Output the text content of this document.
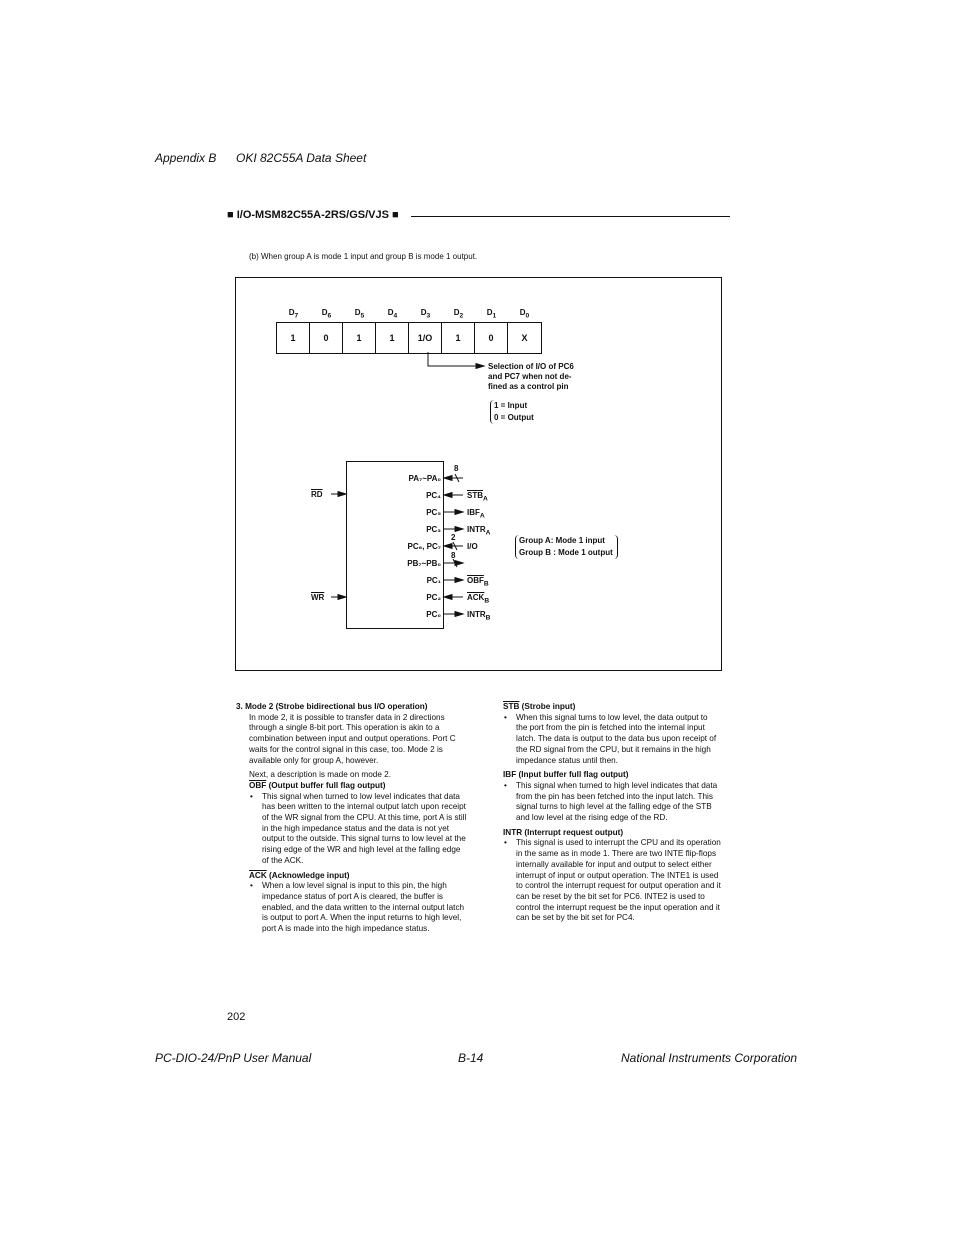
Appendix B OKI 82C55A Data Sheet
■ I/O-MSM82C55A-2RS/GS/VJS ■
(b) When group A is mode 1 input and group B is mode 1 output.
$D_7$	$D_6$	$D_5$	$D_4$	$D_3$	$D_2$	$D_1$	$D_0$
1	0	1	1	1/O	1	0	X
Selection of I/O of PC6
and PC7 when not de-
fined as a control pin
1 = Input
0 = Output
PA₇~PA₀
PC₄
PC₅
PC₃
PC₆, PC₇
PB₇~PB₀
PC₁
PC₂
PC₀
$\overline{STB}_A$
$IBF_A$
$INTR_A$
I/O
$\overline{OBF}_B$
$\overline{ACK}_B$
$INTR_B$
8
2
8
$\overline{RD}$
$\overline{WR}$
Group A: Mode 1 input
Group B : Mode 1 output

3. Mode 2 (Strobe bidirectional bus I/O operation)

In mode 2, it is possible to transfer data in 2 directions through a single 8-bit port. This operation is akin to a combination between input and output operations. Port C waits for the control signal in this case, too. Mode 2 is available only for group A, however.

Next, a description is made on mode 2.

$\overline{OBF}$ (Output buffer full flag output)

• This signal when turned to low level indicates that data has been written to the internal output latch upon receipt of the WR signal from the CPU. At this time, port A is still in the high impedance status and the data is not yet output to the outside. This signal turns to low level at the rising edge of the WR and high level at the falling edge of the ACK.

$\overline{ACK}$ (Acknowledge input)

• When a low level signal is input to this pin, the high impedance status of port A is cleared, the buffer is enabled, and the data written to the internal output latch is output to port A. When the input returns to high level, port A is made into the high impedance status.

$\overline{STB}$ (Strobe input)

• When this signal turns to low level, the data output to the port from the pin is fetched into the internal input latch. The data is output to the data bus upon receipt of the RD signal from the CPU, but it remains in the high impedance status until then.

IBF (Input buffer full flag output)

• This signal when turned to high level indicates that data from the pin has been fetched into the input latch. This signal turns to high level at the falling edge of the STB and low level at the rising edge of the RD.

INTR (Interrupt request output)

• This signal is used to interrupt the CPU and its operation in the same as in mode 1. There are two INTE flip-flops internally available for input and output to select either interrupt of input or output operation. The INTE1 is used to control the interrupt request for output operation and it can be reset by the bit set for PC6. INTE2 is used to control the interrupt request be the input operation and it can be set by the bit set for PC4.

202
PC-DIO-24/PnP User Manual	B-14	National Instruments Corporation
